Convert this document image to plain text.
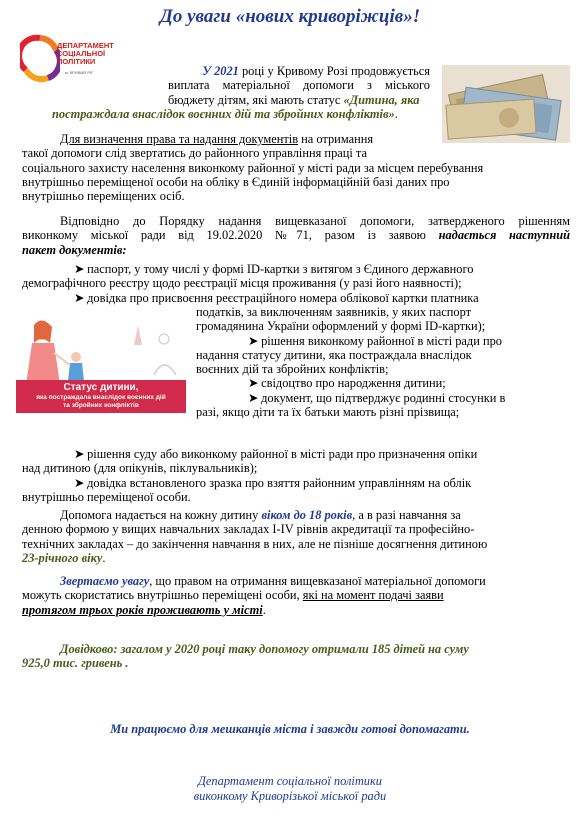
До уваги «нових криворіжців»!
ДЕПАРТАМЕНТ
СОЦІАЛЬНОЇ
ПОЛІТИКИ
м. КРИВИЙ РІГ	У 2021 році у Кривому Розі продовжується
виплата матеріальної допомоги з міського
бюджету дітям, які мають статус «Дитина, яка
постраждала внаслідок воєнних дій та збройних конфліктів».
Для визначення права та надання документів на отримання
такої допомоги слід звертатись до районного управління праці та
соціального захисту населення виконкому районної у місті ради за місцем перебування
внутрішньо переміщеної особи на обліку в Єдиній інформаційній базі даних про
внутрішньо переміщених осіб.
Відповідно до Порядку надання вищевказаної допомоги, затвердженого рішенням
виконкому міської ради від 19.02.2020 №71, разом із заявою надається наступний
пакет документів:
➤ паспорт, у тому числі у формі ID-картки з витягом з Єдиного державного
демографічного реєстру щодо реєстрації місця проживання (у разі його наявності);
➤ довідка про присвоєння реєстраційного номера облікової картки платника
податків, за виключенням заявників, у яких паспорт
громадянина України оформлений у формі ID-картки);
➤ рішення виконкому районної в місті ради про
надання статусу дитини, яка постраждала внаслідок
воєнних дій та збройних конфліктів;
➤ свідоцтво про народження дитини;
➤ документ, що підтверджує родинні стосунки в
разі, якщо діти та їх батьки мають різні прізвища;
Статус дитини,
яка постраждала внаслідок воєнних дій
та збройних конфліктів
➤ рішення суду або виконкому районної в місті ради про призначення опіки
над дитиною (для опікунів, піклувальників);
➤ довідка встановленого зразка про взяття районним управлінням на облік
внутрішньо переміщеної особи.
Допомога надається на кожну дитину віком до 18 років, а в разі навчання за
денною формою у вищих навчальних закладах І-ІV рівнів акредитації та професійно-
технічних закладах – до закінчення навчання в них, але не пізніше досягнення дитиною
23-річного віку.
Звертаємо увагу, що правом на отримання вищевказаної матеріальної допомоги
можуть скористатись внутрішньо переміщені особи, які на момент подачі заяви
протягом трьох років проживають у місті.
Довідково: загалом у 2020 році таку допомогу отримали 185 дітей на суму
925,0 тис. гривень .
Ми працюємо для мешканців міста і завжди готові допомагати.
Департамент соціальної політики
виконкому Криворізької міської ради
